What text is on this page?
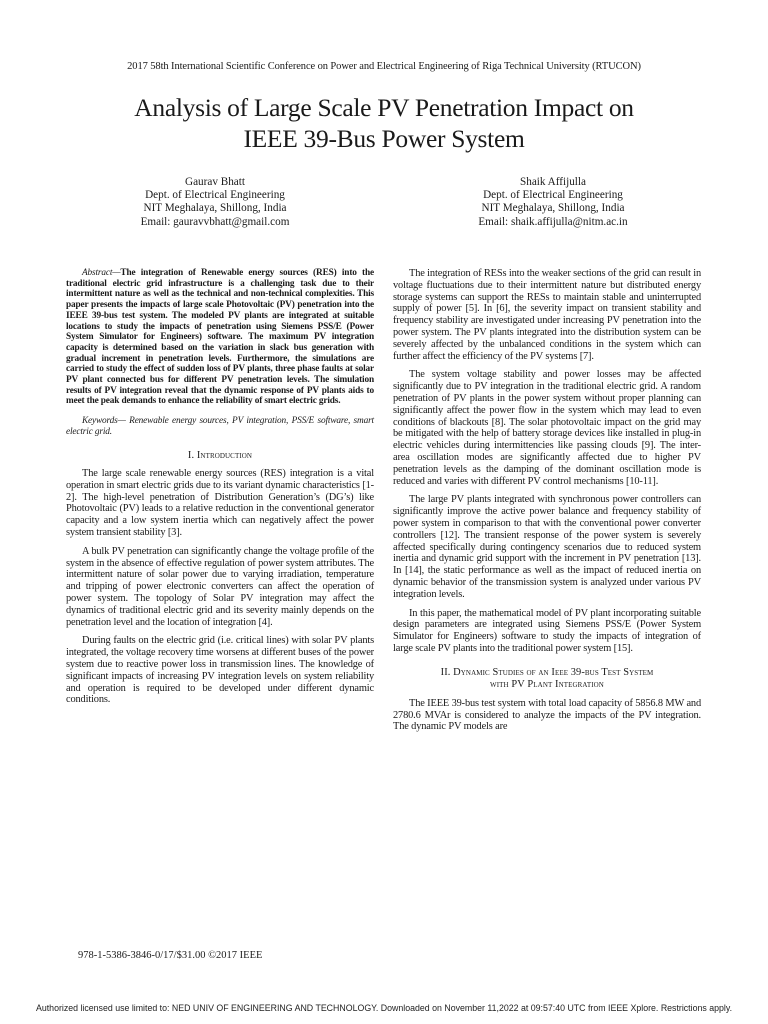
2017 58th International Scientific Conference on Power and Electrical Engineering of Riga Technical University (RTUCON)
Analysis of Large Scale PV Penetration Impact on
IEEE 39-Bus Power System
Gaurav Bhatt
Dept. of Electrical Engineering
NIT Meghalaya, Shillong, India
Email: gauravvbhatt@gmail.com
Shaik Affijulla
Dept. of Electrical Engineering
NIT Meghalaya, Shillong, India
Email: shaik.affijulla@nitm.ac.in

Abstract—The integration of Renewable energy sources (RES) into the traditional electric grid infrastructure is a challenging task due to their intermittent nature as well as the technical and non-technical complexities. This paper presents the impacts of large scale Photovoltaic (PV) penetration into the IEEE 39-bus test system. The modeled PV plants are integrated at suitable locations to study the impacts of penetration using Siemens PSS/E (Power System Simulator for Engineers) software. The maximum PV integration capacity is determined based on the variation in slack bus generation with gradual increment in penetration levels. Furthermore, the simulations are carried to study the effect of sudden loss of PV plants, three phase faults at solar PV plant connected bus for different PV penetration levels. The simulation results of PV integration reveal that the dynamic response of PV plants aids to meet the peak demands to enhance the reliability of smart electric grids.

Keywords— Renewable energy sources, PV integration, PSS/E software, smart electric grid.

I. Introduction

The large scale renewable energy sources (RES) integration is a vital operation in smart electric grids due to its variant dynamic characteristics [1-2]. The high-level penetration of Distribution Generation’s (DG’s) like Photovoltaic (PV) leads to a relative reduction in the conventional generator capacity and a low system inertia which can negatively affect the power system transient stability [3].

A bulk PV penetration can significantly change the voltage profile of the system in the absence of effective regulation of power system attributes. The intermittent nature of solar power due to varying irradiation, temperature and tripping of power electronic converters can affect the operation of power system. The topology of Solar PV integration may affect the dynamics of traditional electric grid and its severity mainly depends on the penetration level and the location of integration [4].

During faults on the electric grid (i.e. critical lines) with solar PV plants integrated, the voltage recovery time worsens at different buses of the power system due to reactive power loss in transmission lines. The knowledge of significant impacts of increasing PV integration levels on system reliability and operation is required to be developed under different dynamic conditions.

The integration of RESs into the weaker sections of the grid can result in voltage fluctuations due to their intermittent nature but distributed energy storage systems can support the RESs to maintain stable and uninterrupted supply of power [5]. In [6], the severity impact on transient stability and frequency stability are investigated under increasing PV penetration into the power system. The PV plants integrated into the distribution system can be severely affected by the unbalanced conditions in the system which can further affect the efficiency of the PV systems [7].

The system voltage stability and power losses may be affected significantly due to PV integration in the traditional electric grid. A random penetration of PV plants in the power system without proper planning can significantly affect the power flow in the system which may lead to even conditions of blackouts [8]. The solar photovoltaic impact on the grid may be mitigated with the help of battery storage devices like installed in plug-in electric vehicles during intermittencies like passing clouds [9]. The inter-area oscillation modes are significantly affected due to higher PV penetration levels as the damping of the dominant oscillation mode is reduced and varies with different PV control mechanisms [10-11].

The large PV plants integrated with synchronous power controllers can significantly improve the active power balance and frequency stability of power system in comparison to that with the conventional power converter controllers [12]. The transient response of the power system is severely affected specifically during contingency scenarios due to reduced system inertia and dynamic grid support with the increment in PV penetration [13]. In [14], the static performance as well as the impact of reduced inertia on dynamic behavior of the transmission system is analyzed under various PV integration levels.

In this paper, the mathematical model of PV plant incorporating suitable design parameters are integrated using Siemens PSS/E (Power System Simulator for Engineers) software to study the impacts of integration of large scale PV plants into the traditional power system [15].

II. Dynamic Studies of an Ieee 39-bus Test System
with PV Plant Integration

The IEEE 39-bus test system with total load capacity of 5856.8 MW and 2780.6 MVAr is considered to analyze the impacts of the PV integration. The dynamic PV models are

978-1-5386-3846-0/17/$31.00 ©2017 IEEE
Authorized licensed use limited to: NED UNIV OF ENGINEERING AND TECHNOLOGY. Downloaded on November 11,2022 at 09:57:40 UTC from IEEE Xplore. Restrictions apply.
